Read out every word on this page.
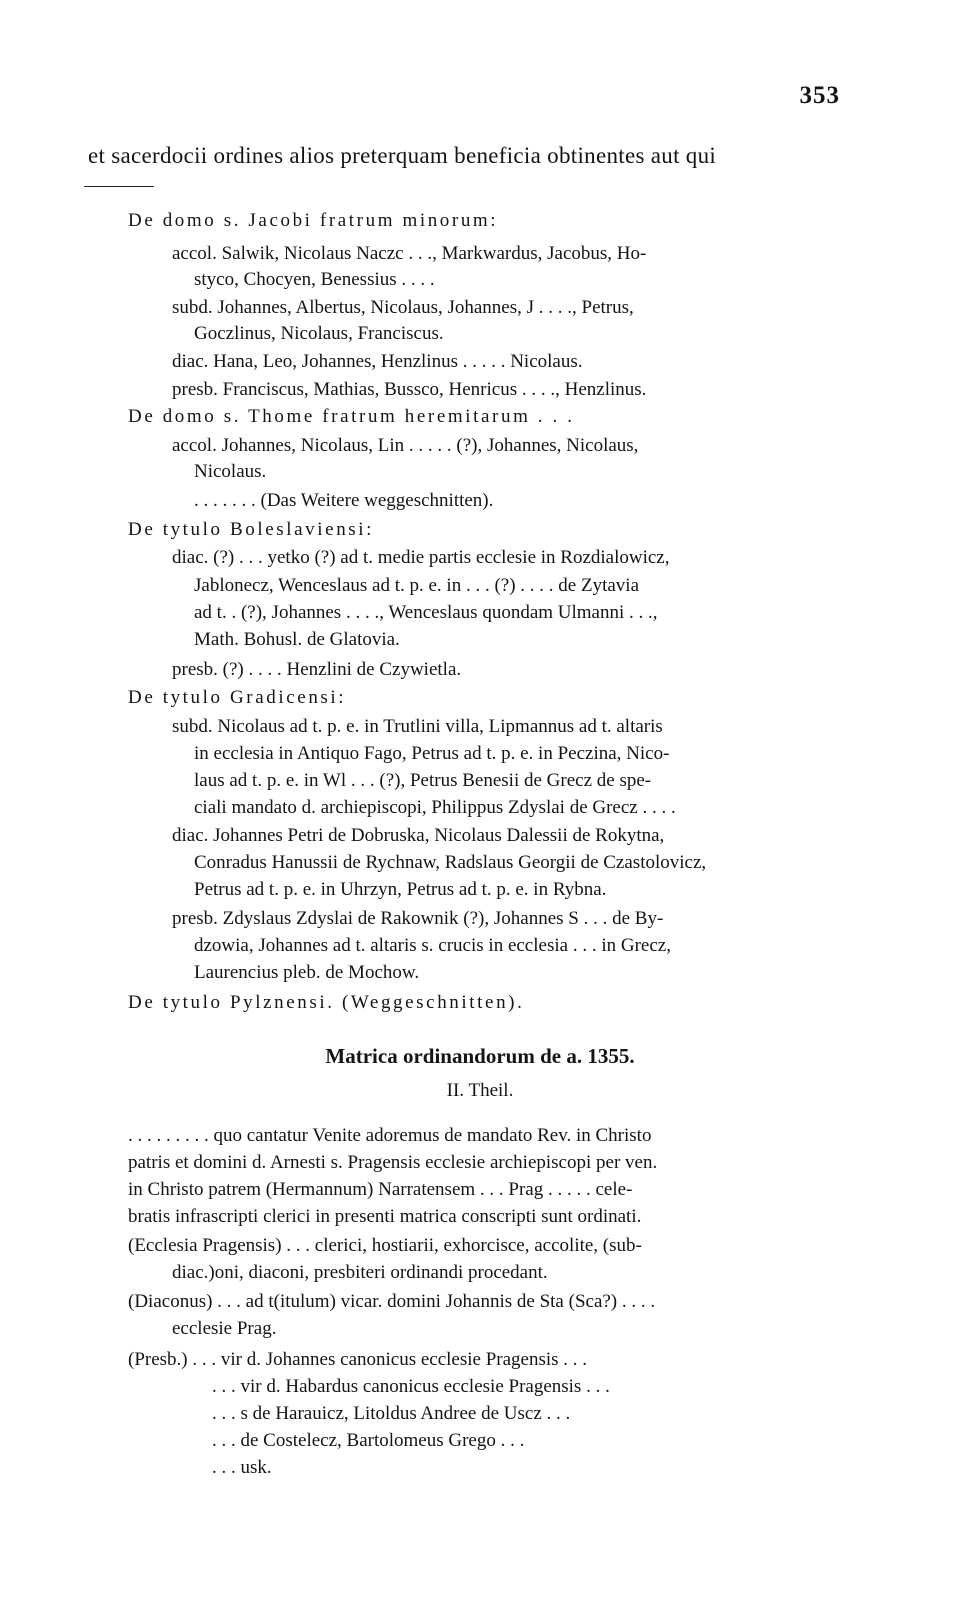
353
et sacerdocii ordines alios preterquam beneficia obtinentes aut qui
De domo s. Jacobi fratrum minorum:
accol. Salwik, Nicolaus Naczc . . ., Markwardus, Jacobus, Ho-
styco, Chocyen, Benessius . . . .
subd. Johannes, Albertus, Nicolaus, Johannes, J . . . ., Petrus,
Goczlinus, Nicolaus, Franciscus.
diac. Hana, Leo, Johannes, Henzlinus . . . . . Nicolaus.
presb. Franciscus, Mathias, Bussco, Henricus . . . ., Henzlinus.
De domo s. Thome fratrum heremitarum . . .
accol. Johannes, Nicolaus, Lin . . . . . (?), Johannes, Nicolaus,
Nicolaus.
. . . . . . . (Das Weitere weggeschnitten).
De tytulo Boleslaviensi:
diac. (?) . . . yetko (?) ad t. medie partis ecclesie in Rozdialowicz,
Jablonecz, Wenceslaus ad t. p. e. in . . . (?) . . . . de Zytavia
ad t. . (?), Johannes . . . ., Wenceslaus quondam Ulmanni . . .,
Math. Bohusl. de Glatovia.
presb. (?) . . . . Henzlini de Czywietla.
De tytulo Gradicensi:
subd. Nicolaus ad t. p. e. in Trutlini villa, Lipmannus ad t. altaris
in ecclesia in Antiquo Fago, Petrus ad t. p. e. in Peczina, Nico-
laus ad t. p. e. in Wl . . . (?), Petrus Benesii de Grecz de spe-
ciali mandato d. archiepiscopi, Philippus Zdyslai de Grecz . . . .
diac. Johannes Petri de Dobruska, Nicolaus Dalessii de Rokytna,
Conradus Hanussii de Rychnaw, Radslaus Georgii de Czastolovicz,
Petrus ad t. p. e. in Uhrzyn, Petrus ad t. p. e. in Rybna.
presb. Zdyslaus Zdyslai de Rakownik (?), Johannes S . . . de By-
dzowia, Johannes ad t. altaris s. crucis in ecclesia . . . in Grecz,
Laurencius pleb. de Mochow.
De tytulo Pylznensi. (Weggeschnitten).
Matrica ordinandorum de a. 1355.
II. Theil.
. . . . . . . . . quo cantatur Venite adoremus de mandato Rev. in Christo
patris et domini d. Arnesti s. Pragensis ecclesie archiepiscopi per ven.
in Christo patrem (Hermannum) Narratensem . . . Prag . . . . . cele-
bratis infrascripti clerici in presenti matrica conscripti sunt ordinati.
(Ecclesia Pragensis) . . . clerici, hostiarii, exhorcisce, accolite, (sub-
diac.)oni, diaconi, presbiteri ordinandi procedant.
(Diaconus) . . . ad t(itulum) vicar. domini Johannis de Sta (Sca?) . . . .
ecclesie Prag.
(Presb.) . . . vir d. Johannes canonicus ecclesie Pragensis . . .
. . . vir d. Habardus canonicus ecclesie Pragensis . . .
. . . s de Harauicz, Litoldus Andree de Uscz . . .
. . . de Costelecz, Bartolomeus Grego . . .
. . . usk.
